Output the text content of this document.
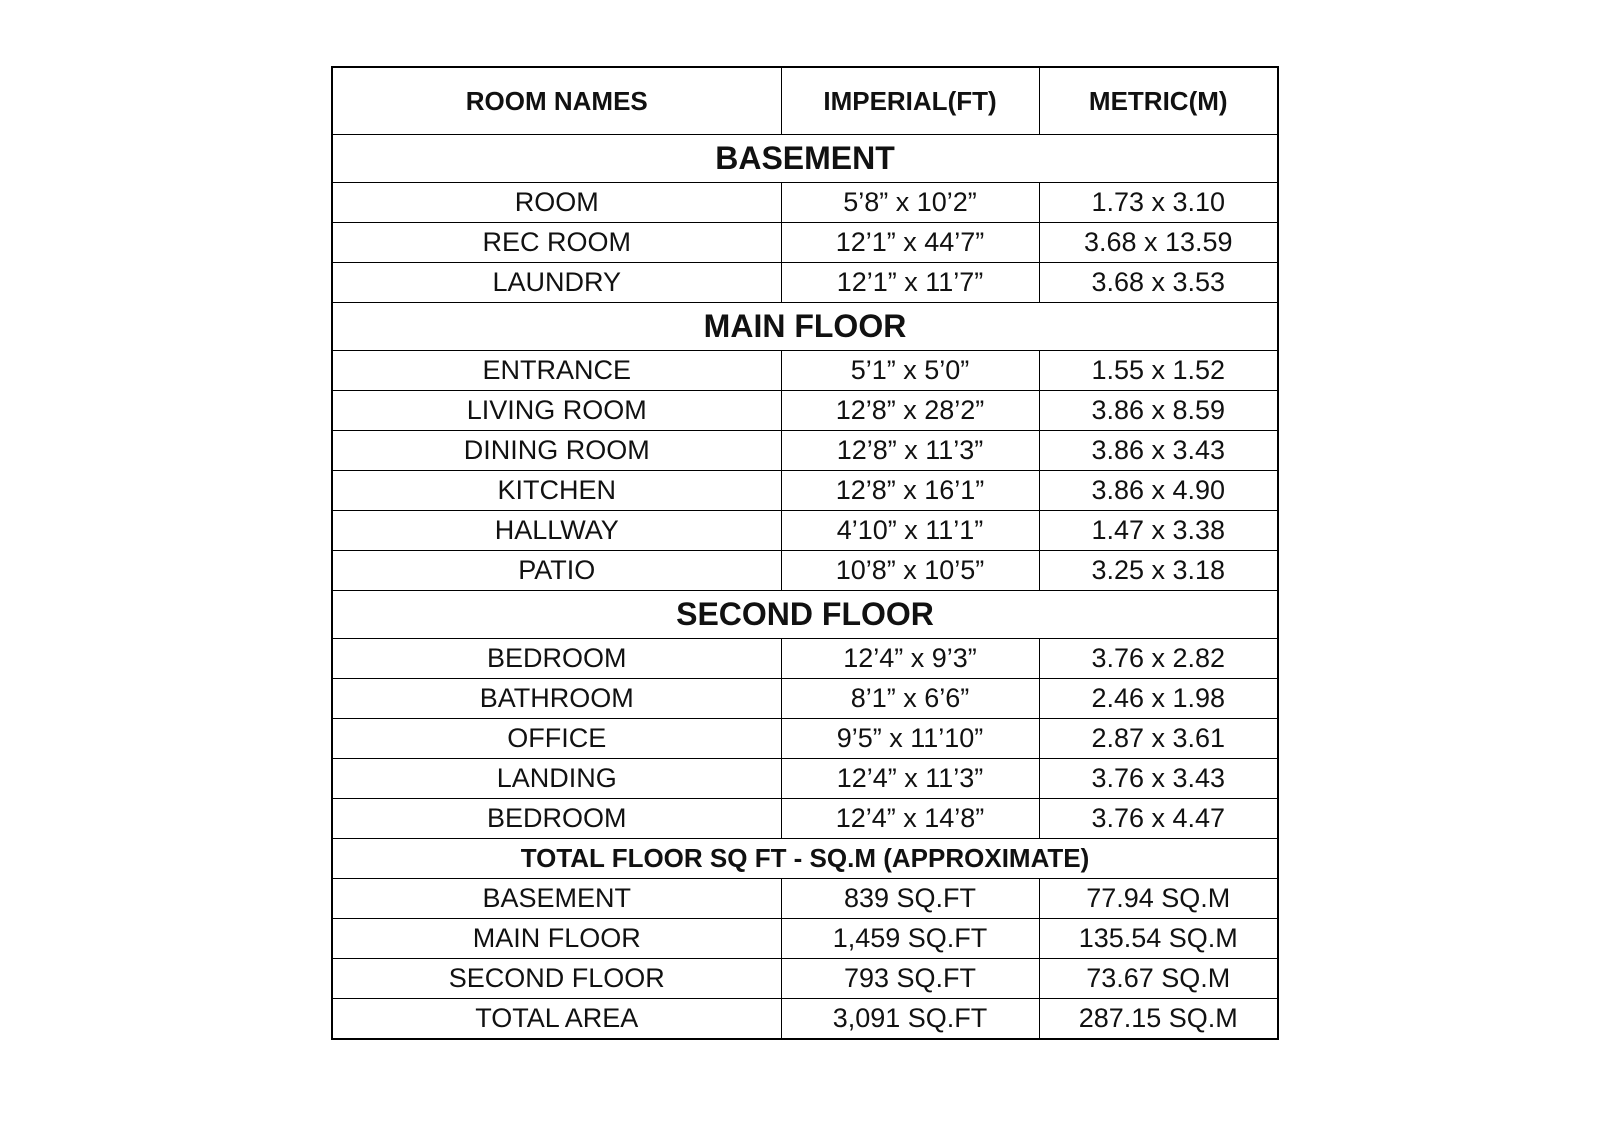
ROOM NAMES	IMPERIAL(FT)	METRIC(M)
BASEMENT		
ROOM	5’8” x 10’2”	1.73 x 3.10
REC ROOM	12’1” x 44’7”	3.68 x 13.59
LAUNDRY	12’1” x 11’7”	3.68 x 3.53
MAIN FLOOR		
ENTRANCE	5’1” x 5’0”	1.55 x 1.52
LIVING ROOM	12’8” x 28’2”	3.86 x 8.59
DINING ROOM	12’8” x 11’3”	3.86 x 3.43
KITCHEN	12’8” x 16’1”	3.86 x 4.90
HALLWAY	4’10” x 11’1”	1.47 x 3.38
PATIO	10’8” x 10’5”	3.25 x 3.18
SECOND FLOOR		
BEDROOM	12’4” x 9’3”	3.76 x 2.82
BATHROOM	8’1” x 6’6”	2.46 x 1.98
OFFICE	9’5” x 11’10”	2.87 x 3.61
LANDING	12’4” x 11’3”	3.76 x 3.43
BEDROOM	12’4” x 14’8”	3.76 x 4.47
TOTAL FLOOR SQ FT - SQ.M (APPROXIMATE)		
BASEMENT	839 SQ.FT	77.94 SQ.M
MAIN FLOOR	1,459 SQ.FT	135.54 SQ.M
SECOND FLOOR	793 SQ.FT	73.67 SQ.M
TOTAL AREA	3,091 SQ.FT	287.15 SQ.M
